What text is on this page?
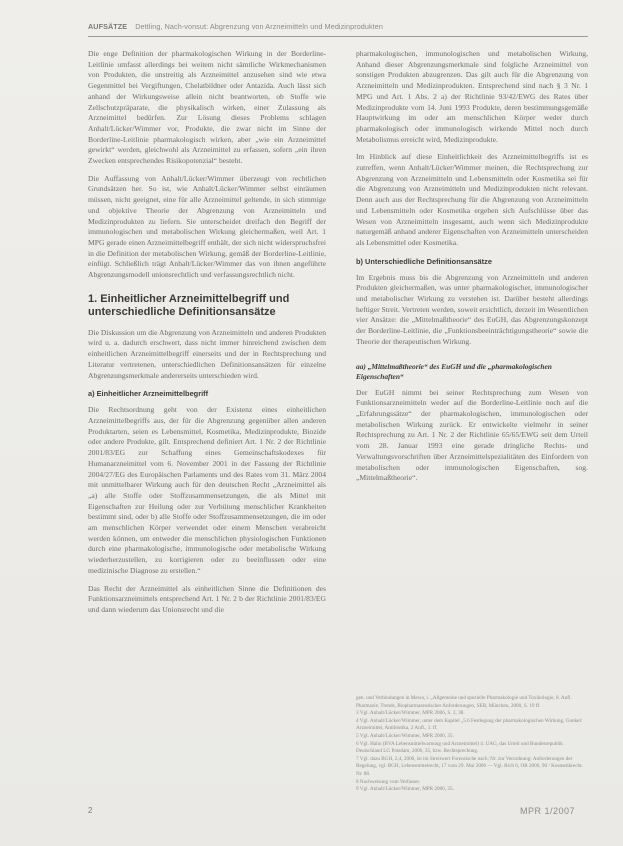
AUFSÄTZE Dettling, Nach-vonsut: Abgrenzung von Arzneimitteln und Medizinprodukten

Die enge Definition der pharmakologischen Wirkung in der Borderline-Leitlinie umfasst allerdings bei weitem nicht sämtliche Wirkmechanismen von Produkten, die unstreitig als Arzneimittel anzusehen sind wie etwa Gegenmittel bei Vergiftungen, Chelatbildner oder Antazida. Auch lässt sich anhand der Wirkungsweise allein nicht beantworten, ob Stoffe wie Zellschutzpräparate, die physikalisch wirken, einer Zulassung als Arzneimittel bedürfen. Zur Lösung dieses Problems schlagen Anhalt/Lücker/Wimmer vor, Produkte, die zwar nicht im Sinne der Borderline-Leitlinie pharmakologisch wirken, aber „wie ein Arzneimittel gewirkt“ werden, gleichwohl als Arzneimittel zu erfassen, sofern „ein ihren Zwecken entsprechendes Risikopotenzial“ besteht.

Die Auffassung von Anhalt/Lücker/Wimmer überzeugt von rechtlichen Grundsätzen her. So ist, wie Anhalt/Lücker/Wimmer selbst einräumen müssen, nicht geeignet, eine für alle Arzneimittel geltende, in sich stimmige und objektive Theorie der Abgrenzung von Arzneimitteln und Medizinprodukten zu liefern. Sie unterscheidet dreifach den Begriff der immunologischen und metabolischen Wirkung gleichermaßen, weil Art. 1 MPG gerade einen Arzneimittelbegriff enthält, der sich nicht widerspruchsfrei in die Definition der metabolischen Wirkung, gemäß der Borderline-Leitlinie, einfügt. Schließlich trägt Anhalt/Lücker/Wimmer das von ihnen angeführte Abgrenzungsmodell unionsrechtlich und verfassungsrechtlich nicht.

1. Einheitlicher Arzneimittelbegriff und unterschiedliche Definitionsansätze

Die Diskussion um die Abgrenzung von Arzneimitteln und anderen Produkten wird u. a. dadurch erschwert, dass nicht immer hinreichend zwischen dem einheitlichen Arzneimittelbegriff einerseits und der in Rechtsprechung und Literatur vertretenen, unterschiedlichen Definitionsansätzen für einzelne Abgrenzungsmerkmale andererseits unterschieden wird.

a) Einheitlicher Arzneimittelbegriff

Die Rechtsordnung geht von der Existenz eines einheitlichen Arzneimittelbegriffs aus, der für die Abgrenzung gegenüber allen anderen Produktarten, seien es Lebensmittel, Kosmetika, Medizinprodukte, Biozide oder andere Produkte, gilt. Entsprechend definiert Art. 1 Nr. 2 der Richtlinie 2001/83/EG zur Schaffung eines Gemeinschaftskodexes für Humanarzneimittel vom 6. November 2001 in der Fassung der Richtlinie 2004/27/EG des Europäischen Parlaments und des Rates vom 31. März 2004 mit unmittelbarer Wirkung auch für den deutschen Recht „Arzneimittel als „a) alle Stoffe oder Stoffzusammensetzungen, die als Mittel mit Eigenschaften zur Heilung oder zur Verhütung menschlicher Krankheiten bestimmt sind, oder b) alle Stoffe oder Stoffzusammensetzungen, die im oder am menschlichen Körper verwendet oder einem Menschen verabreicht werden können, um entweder die menschlichen physiologischen Funktionen durch eine pharmakologische, immunologische oder metabolische Wirkung wiederherzustellen, zu korrigieren oder zu beeinflussen oder eine medizinische Diagnose zu erstellen.“

Das Recht der Arzneimittel als einheitlichen Sinne die Definitionen des Funktionsarzneimittels entsprechend Art. 1 Nr. 2 b der Richtlinie 2001/83/EG und dann wiederum das Unionsrecht und die

pharmakologischen, immunologischen und metabolischen Wirkung, Anhand dieser Abgrenzungsmerkmale sind folgliche Arzneimittel von sonstigen Produkten abzugrenzen. Das gilt auch für die Abgrenzung von Arzneimitteln und Medizinprodukten. Entsprechend sind nach § 3 Nr. 1 MPG und Art. 1 Abs. 2 a) der Richtlinie 93/42/EWG des Rates über Medizinprodukte vom 14. Juni 1993 Produkte, deren bestimmungsgemäße Hauptwirkung im oder am menschlichen Körper weder durch pharmakologisch oder immunologisch wirkende Mittel noch durch Metabolismus erreicht wird, Medizinprodukte.

Im Hinblick auf diese Einheitlichkeit des Arzneimittelbegriffs ist es zutreffen, wenn Anhalt/Lücker/Wimmer meinen, die Rechtsprechung zur Abgrenzung von Arzneimitteln und Lebensmitteln oder Kosmetika sei für die Abgrenzung von Arzneimitteln und Medizinprodukten nicht relevant. Denn auch aus der Rechtsprechung für die Abgrenzung von Arzneimitteln und Lebensmitteln oder Kosmetika ergeben sich Aufschlüsse über das Wesen von Arzneimitteln insgesamt, auch wenn sich Medizinprodukte naturgemäß anhand anderer Eigenschaften von Arzneimitteln unterscheiden als Lebensmittel oder Kosmetika.

b) Unterschiedliche Definitionsansätze

Im Ergebnis muss bis die Abgrenzung von Arzneimitteln und anderen Produkten gleichermaßen, was unter pharmakologischer, immunologischer und metabolischer Wirkung zu verstehen ist. Darüber besteht allerdings heftiger Streit. Vertreten werden, soweit ersichtlich, derzeit im Wesentlichen vier Ansätze: die „Mittelmaßtheorie“ des EuGH, das Abgrenzungskonzept der Borderline-Leitlinie, die „Funktionsbeeinträchtigungstheorie“ sowie die Theorie der therapeutischen Wirkung.

aa) „Mittelmaßtheorie“ des EuGH und die „pharmakologischen Eigenschaften“

Der EuGH nimmt bei seiner Rechtsprechung zum Wesen von Funktionsarzneimitteln weder auf die Borderline-Leitlinie noch auf die „Erfahrungssätze“ der pharmakologischen, immunologischen oder metabolischen Wirkung zurück. Er entwickelte vielmehr in seiner Rechtsprechung zu Art. 1 Nr. 2 der Richtlinie 65/65/EWG seit dem Urteil vom 28. Januar 1993 eine gerade dringliche Rechts- und Verwaltungsvorschriften über Arzneimittelspezialitäten des Einfordern von metabolischen oder immunologischen Eigenschaften, sog. „Mittelmaßtheorie“.

gen. und Verbindungen in Mewa, i. „Allgemeine und spezielle Pharmakologie und Toxikologie, 8. Aufl. Pharmazie, Trends, Biopharmazeutischer Anforderungen, SEB, München, 2000, S. 19 ff.

3 Vgl. Anhalt/Lücker/Wimmer, MPR 2006, S. 2, 38.

4 Vgl. Anhalt/Lücker/Wimmer, unter dem Kapitel „5.6 Festlegung der pharmakologischen Wirkung, Gunkel: Arzneimittel, Antibiotika, 2 Aufl., 1. ff.

5 Vgl. Anhalt/Lücker/Wimmer, MPR 2006, 35.

6 Vgl. Hahn (BVA Lebensmittelwarnung und Arzneimittel) 4. UAG, das Urteil und Bundesrepublik Deutschland LG Potsdam, 2006, 35, bzw. Rechtsprechung.

7 Vgl. dazu BGH, 2,4, 2006, ist im Streitwert Forensische nach; Nr. zur Verordnung: Anforderungen der Regelung, vgl. BGH, Lebensmittelrecht, 17 vom 29. Mai 2006 — Vgl. Rich 6, OR 2006, 90 / Kosmetikrecht. Nr. 88.

8 Nachweisung vom Verfasser.

9 Vgl. Anhalt/Lücker/Wimmer, MPR 2006, 35.

2	MPR 1/2007
